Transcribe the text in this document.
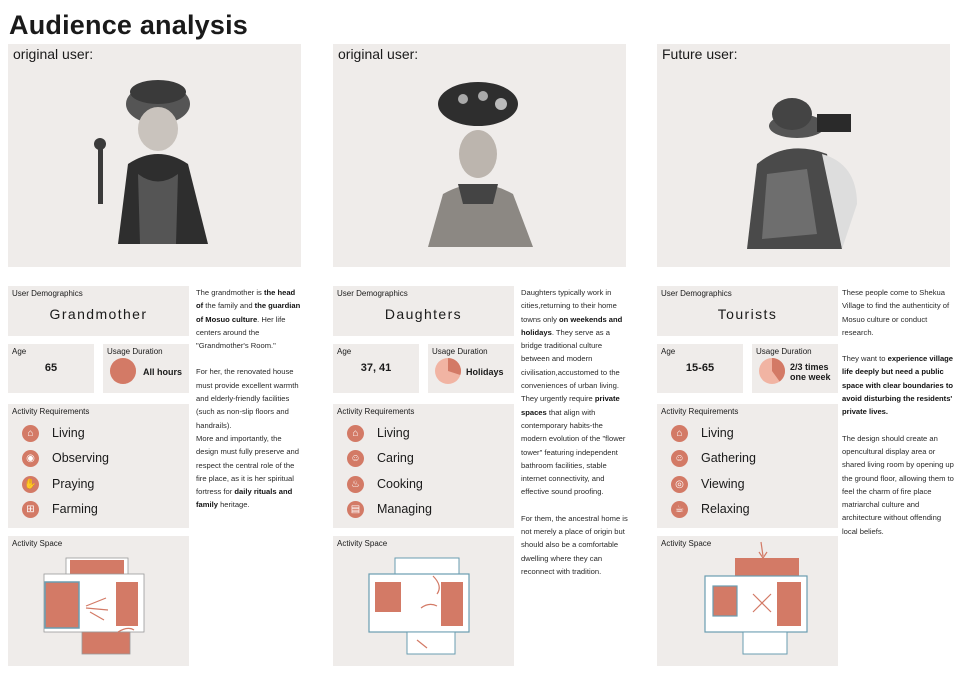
Audience analysis
original user:
User Demographics
Grandmother
Age
65
Usage Duration
All hours
Activity Requirements
⌂	Living
◉	Observing
✋ Praying
⊞	Farming
Activity Space

The grandmother is the head of the family and the guardian of Mosuo culture. Her life centers around the "Grandmother's Room."

For her, the renovated house must provide excellent warmth and elderly-friendly facilities (such as non-slip floors and handrails).

More and importantly, the design must fully preserve and respect the central role of the fire place, as it is her spiritual fortress for daily rituals and family heritage.

original user:
User Demographics
Daughters
Age
37, 41
Usage Duration
Holidays
Activity Requirements
⌂	Living
☺ Caring
♨	Cooking
▤	Managing
Activity Space

Daughters typically work in cities,returning to their home towns only on weekends and holidays. They serve as a bridge traditional culture between and modern civilisation,accustomed to the conveniences of urban living.

They urgently require private spaces that align with contemporary habits-the modern evolution of the "flower tower" featuring independent bathroom facilities, stable internet connectivity, and effective sound proofing.

For them, the ancestral home is not merely a place of origin but should also be a comfortable dwelling where they can reconnect with tradition.

Future user:
User Demographics
Tourists
Age
15-65
Usage Duration
2/3 times one week
Activity Requirements
⌂	Living
☺ Gathering
◎	Viewing
☕	Relaxing
Activity Space

These people come to Shekua Village to find the authenticity of Mosuo culture or conduct research.

They want to experience village life deeply but need a public space with clear boundaries to avoid disturbing the residents' private lives.

The design should create an opencultural display area or shared living room by opening up the ground floor, allowing them to feel the charm of fire place matriarchal culture and architecture without offending local beliefs.
